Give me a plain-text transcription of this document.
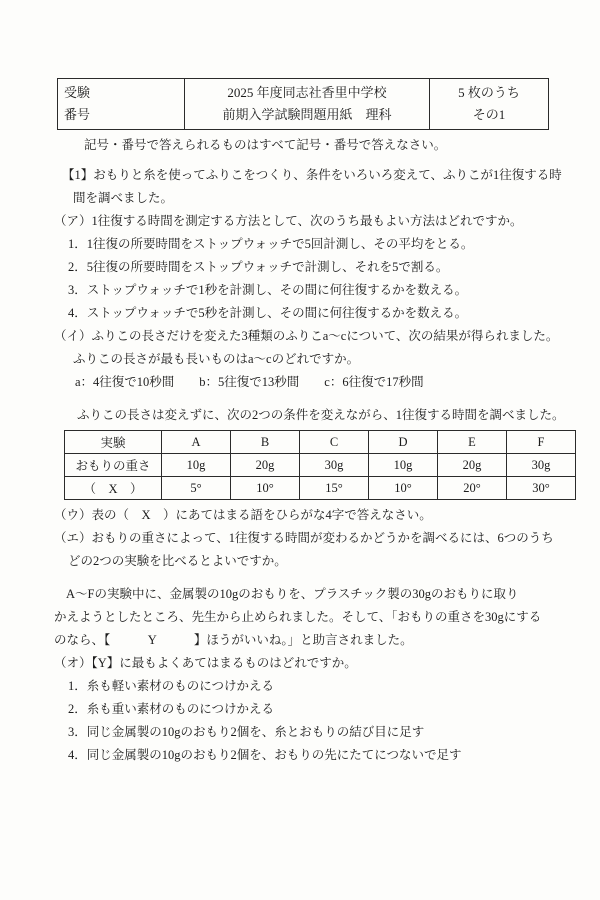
受験
番号

2025 年度同志社香里中学校
前期入学試験問題用紙　理科

5 枚のうち
その1
記号・番号で答えられるものはすべて記号・番号で答えなさい。
【1】おもりと糸を使ってふりこをつくり、条件をいろいろ変えて、ふりこが1往復する時
間を調べました。
（ア）1往復する時間を測定する方法として、次のうち最もよい方法はどれですか。
1．1往復の所要時間をストップウォッチで5回計測し、その平均をとる。
2．5往復の所要時間をストップウォッチで計測し、それを5で割る。
3．ストップウォッチで1秒を計測し、その間に何往復するかを数える。
4．ストップウォッチで5秒を計測し、その間に何往復するかを数える。
（イ）ふりこの長さだけを変えた3種類のふりこa〜cについて、次の結果が得られました。
ふりこの長さが最も長いものはa〜cのどれですか。
a：4往復で10秒間　　b：5往復で13秒間　　c：6往復で17秒間
ふりこの長さは変えずに、次の2つの条件を変えながら、1往復する時間を調べました。
実験	A	B	C	D	E	F
おもりの重さ	10g	20g	30g	10g	20g	30g
（　X　）	5°	10°	15°	10°	20°	30°
（ウ）表の（　X　）にあてはまる語をひらがな4字で答えなさい。
（エ）おもりの重さによって、1往復する時間が変わるかどうかを調べるには、6つのうち
どの2つの実験を比べるとよいですか。
A〜Fの実験中に、金属製の10gのおもりを、プラスチック製の30gのおもりに取り
かえようとしたところ、先生から止められました。そして、「おもりの重さを30gにする
のなら、【　　　Y　　　】ほうがいいね。」と助言されました。
（オ）【Y】に最もよくあてはまるものはどれですか。
1．糸も軽い素材のものにつけかえる
2．糸も重い素材のものにつけかえる
3．同じ金属製の10gのおもり2個を、糸とおもりの結び目に足す
4．同じ金属製の10gのおもり2個を、おもりの先にたてにつないで足す
